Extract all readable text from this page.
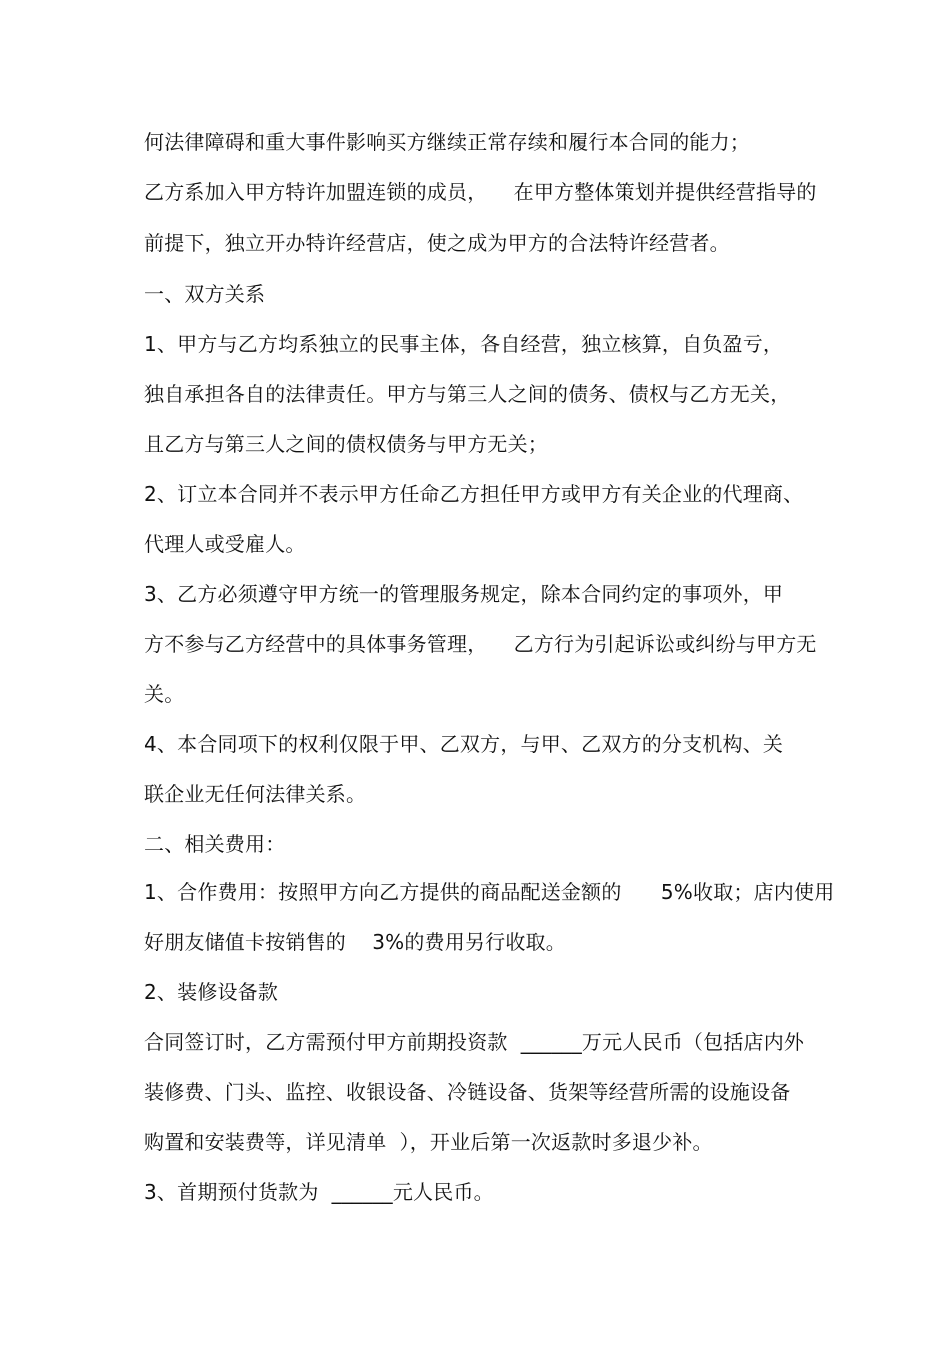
何法律障碍和重大事件影响买方继续正常存续和履行本合同的能力；
乙方系加入甲方特许加盟连锁的成员，    在甲方整体策划并提供经营指导的
前提下，独立开办特许经营店，使之成为甲方的合法特许经营者。
一、双方关系
1、甲方与乙方均系独立的民事主体，各自经营，独立核算，自负盈亏，
独自承担各自的法律责任。甲方与第三人之间的债务、债权与乙方无关，
且乙方与第三人之间的债权债务与甲方无关；
2、订立本合同并不表示甲方任命乙方担任甲方或甲方有关企业的代理商、
代理人或受雇人。
3、乙方必须遵守甲方统一的管理服务规定，除本合同约定的事项外，甲
方不参与乙方经营中的具体事务管理，    乙方行为引起诉讼或纠纷与甲方无
关。
4、本合同项下的权利仅限于甲、乙双方，与甲、乙双方的分支机构、关
联企业无任何法律关系。
二、相关费用：
1、合作费用：按照甲方向乙方提供的商品配送金额的      5%收取；店内使用
好朋友储值卡按销售的    3%的费用另行收取。
2、装修设备款
合同签订时，乙方需预付甲方前期投资款  ______万元人民币（包括店内外
装修费、门头、监控、收银设备、冷链设备、货架等经营所需的设施设备
购置和安装费等，详见清单  ），开业后第一次返款时多退少补。
3、首期预付货款为  ______元人民币。
